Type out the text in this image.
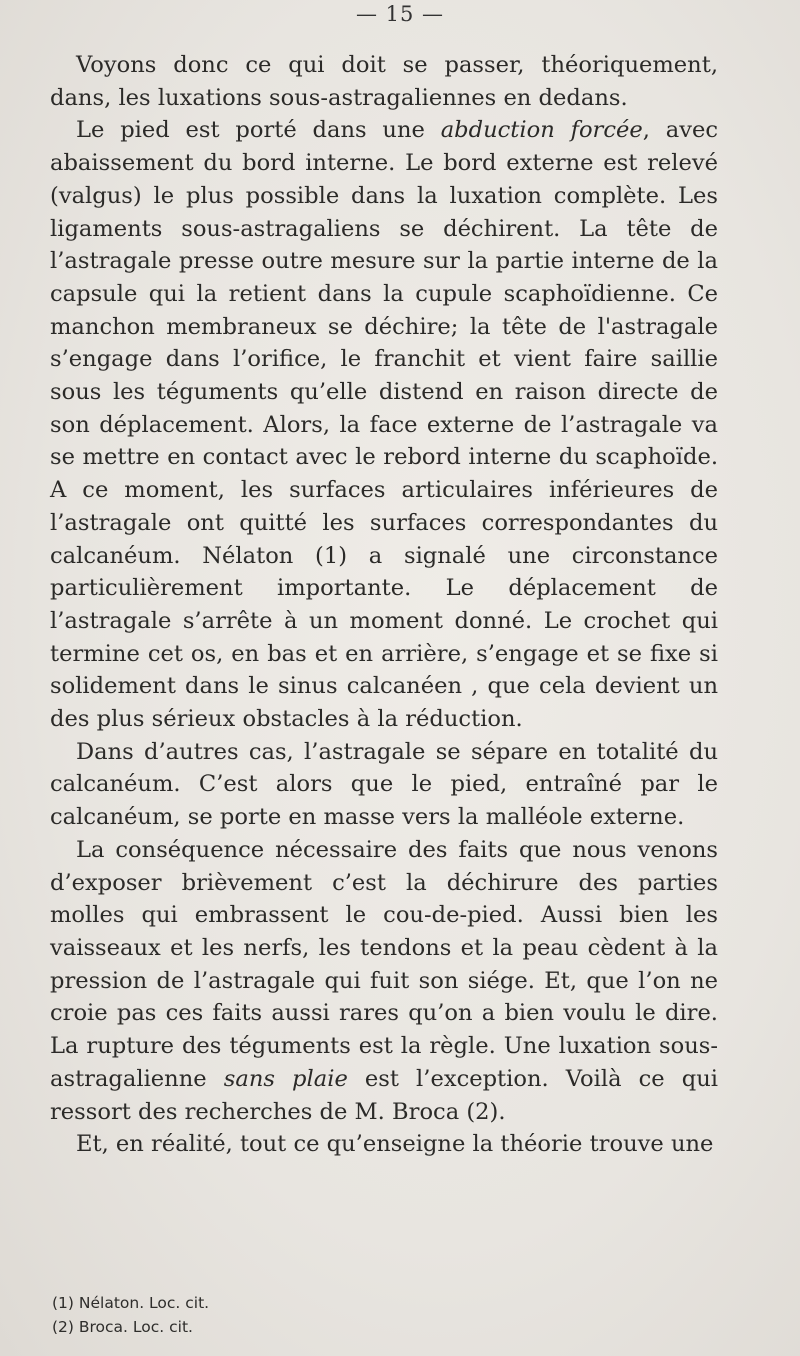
— 15 —

Voyons donc ce qui doit se passer, théoriquement, dans, les luxations sous-astragaliennes en dedans.

Le pied est porté dans une abduction forcée, avec abaissement du bord interne. Le bord externe est relevé (valgus) le plus possible dans la luxation complète. Les ligaments sous-astragaliens se déchirent. La tête de l’astragale presse outre mesure sur la partie interne de la capsule qui la retient dans la cupule scaphoïdienne. Ce manchon membraneux se déchire; la tête de l'astragale s’engage dans l’orifice, le franchit et vient faire saillie sous les téguments qu’elle distend en raison directe de son déplacement. Alors, la face externe de l’astragale va se mettre en contact avec le rebord interne du scaphoïde. A ce moment, les surfaces articulaires inférieures de l’astragale ont quitté les surfaces correspondantes du calcanéum. Nélaton (1) a signalé une circonstance particulièrement importante. Le déplacement de l’astragale s’arrête à un moment donné. Le crochet qui termine cet os, en bas et en arrière, s’engage et se fixe si solidement dans le sinus calcanéen , que cela devient un des plus sérieux obstacles à la réduction.

Dans d’autres cas, l’astragale se sépare en totalité du calcanéum. C’est alors que le pied, entraîné par le calcanéum, se porte en masse vers la malléole externe.

La conséquence nécessaire des faits que nous venons d’exposer brièvement c’est la déchirure des parties molles qui embrassent le cou-de-pied. Aussi bien les vaisseaux et les nerfs, les tendons et la peau cèdent à la pression de l’astragale qui fuit son siége. Et, que l’on ne croie pas ces faits aussi rares qu’on a bien voulu le dire. La rupture des téguments est la règle. Une luxation sous-astragalienne sans plaie est l’exception. Voilà ce qui ressort des recherches de M. Broca (2).

Et, en réalité, tout ce qu’enseigne la théorie trouve une

(1) Nélaton. Loc. cit.
(2) Broca. Loc. cit.
